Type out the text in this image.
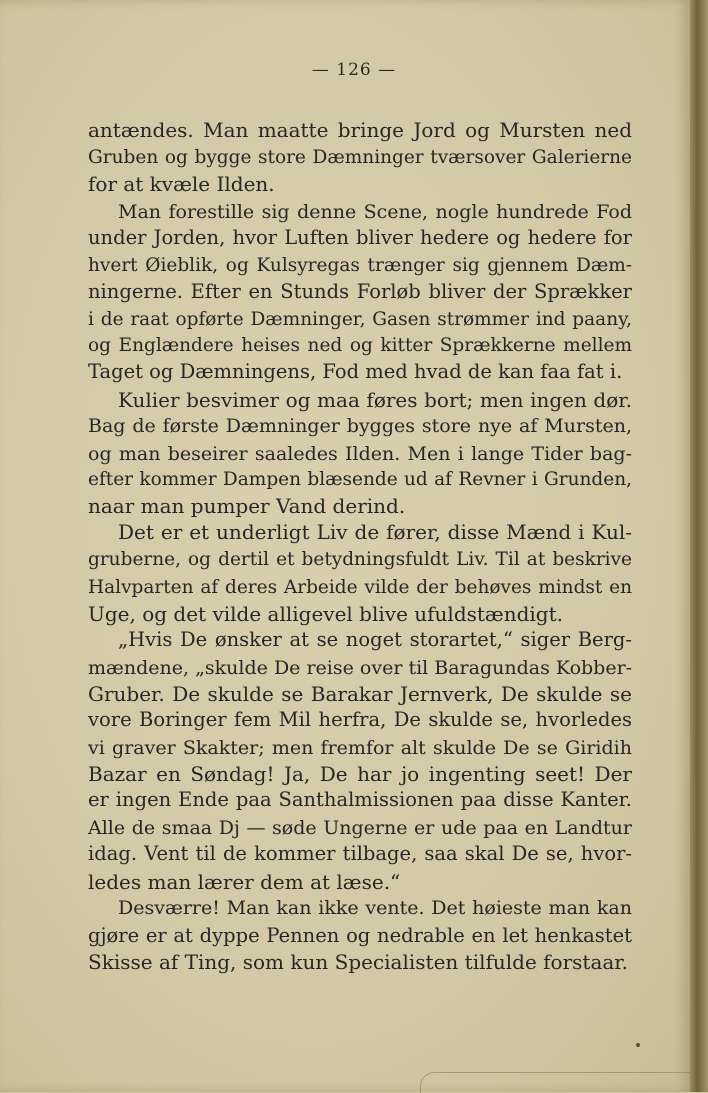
— 126 —
antændes. Man maatte bringe Jord og Mursten ned
Gruben og bygge store Dæmninger tværsover Galerierne
for at kvæle Ilden.
Man forestille sig denne Scene, nogle hundrede Fod
under Jorden, hvor Luften bliver hedere og hedere for
hvert Øieblik, og Kulsyregas trænger sig gjennem Dæm-
ningerne. Efter en Stunds Forløb bliver der Sprækker
i de raat opførte Dæmninger, Gasen strømmer ind paany,
og Englændere heises ned og kitter Sprækkerne mellem
Taget og Dæmningens, Fod med hvad de kan faa fat i.
Kulier besvimer og maa føres bort; men ingen dør.
Bag de første Dæmninger bygges store nye af Mursten,
og man beseirer saaledes Ilden. Men i lange Tider bag-
efter kommer Dampen blæsende ud af Revner i Grunden,
naar man pumper Vand derind.
Det er et underligt Liv de fører, disse Mænd i Kul-
gruberne, og dertil et betydningsfuldt Liv. Til at beskrive
Halvparten af deres Arbeide vilde der behøves mindst en
Uge, og det vilde alligevel blive ufuldstændigt.
„Hvis De ønsker at se noget storartet,“ siger Berg-
mændene, „skulde De reise over til Baragundas Kobber-
Gruber. De skulde se Barakar Jernverk, De skulde se
vore Boringer fem Mil herfra, De skulde se, hvorledes
vi graver Skakter; men fremfor alt skulde De se Giridih
Bazar en Søndag! Ja, De har jo ingenting seet! Der
er ingen Ende paa Santhalmissionen paa disse Kanter.
Alle de smaa Dj — søde Ungerne er ude paa en Landtur
idag. Vent til de kommer tilbage, saa skal De se, hvor-
ledes man lærer dem at læse.“
Desværre! Man kan ikke vente. Det høieste man kan
gjøre er at dyppe Pennen og nedrable en let henkastet
Skisse af Ting, som kun Specialisten tilfulde forstaar.
